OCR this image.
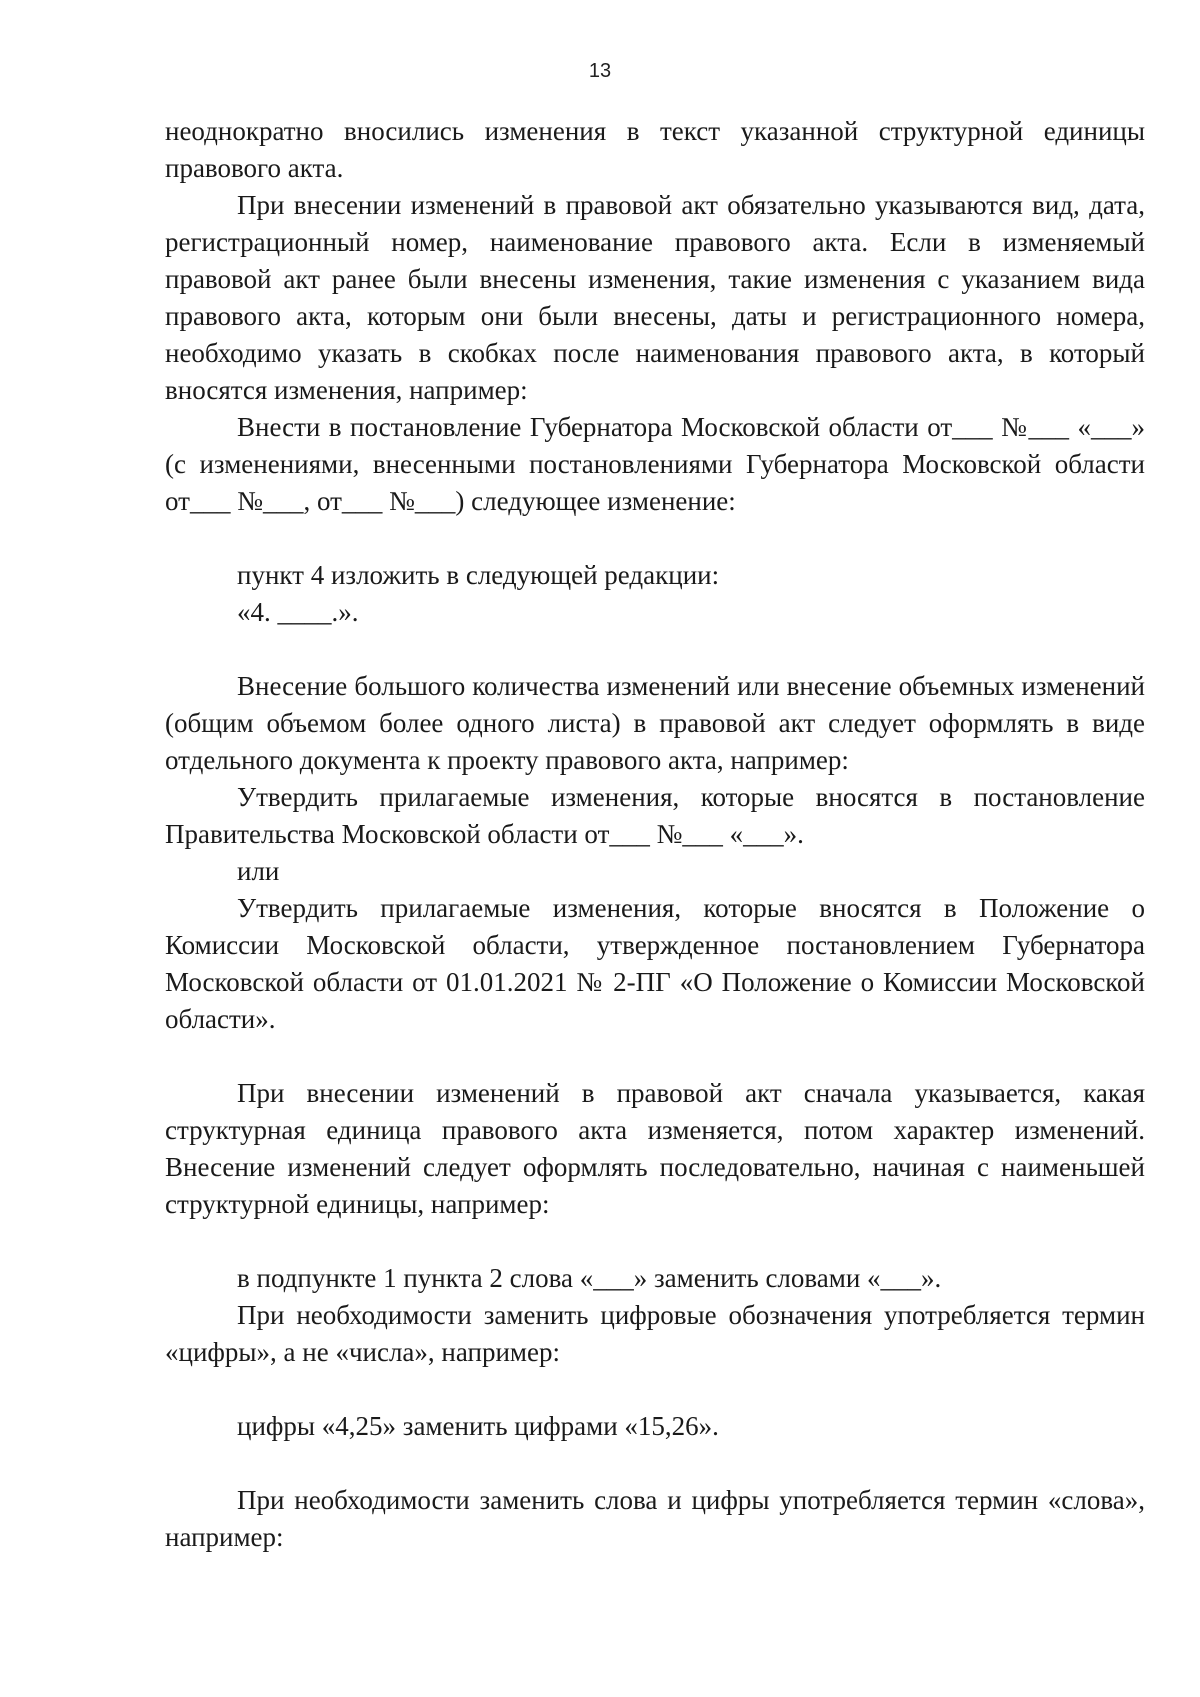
13

неоднократно вносились изменения в текст указанной структурной единицы правового акта.

При внесении изменений в правовой акт обязательно указываются вид, дата, регистрационный номер, наименование правового акта. Если в изменяемый правовой акт ранее были внесены изменения, такие изменения с указанием вида правового акта, которым они были внесены, даты и регистрационного номера, необходимо указать в скобках после наименования правового акта, в который вносятся изменения, например:

Внести в постановление Губернатора Московской области от___ №___ «___» (с изменениями, внесенными постановлениями Губернатора Московской области от___ №___, от___ №___) следующее изменение:

пункт 4 изложить в следующей редакции:

«4. ____.».

Внесение большого количества изменений или внесение объемных изменений (общим объемом более одного листа) в правовой акт следует оформлять в виде отдельного документа к проекту правового акта, например:

Утвердить прилагаемые изменения, которые вносятся в постановление Правительства Московской области от___ №___ «___».

или

Утвердить прилагаемые изменения, которые вносятся в Положение о Комиссии Московской области, утвержденное постановлением Губернатора Московской области от 01.01.2021 № 2-ПГ «О Положение о Комиссии Московской области».

При внесении изменений в правовой акт сначала указывается, какая структурная единица правового акта изменяется, потом характер изменений. Внесение изменений следует оформлять последовательно, начиная с наименьшей структурной единицы, например:

в подпункте 1 пункта 2 слова «___» заменить словами «___».

При необходимости заменить цифровые обозначения употребляется термин «цифры», а не «числа», например:

цифры «4,25» заменить цифрами «15,26».

При необходимости заменить слова и цифры употребляется термин «слова», например:
